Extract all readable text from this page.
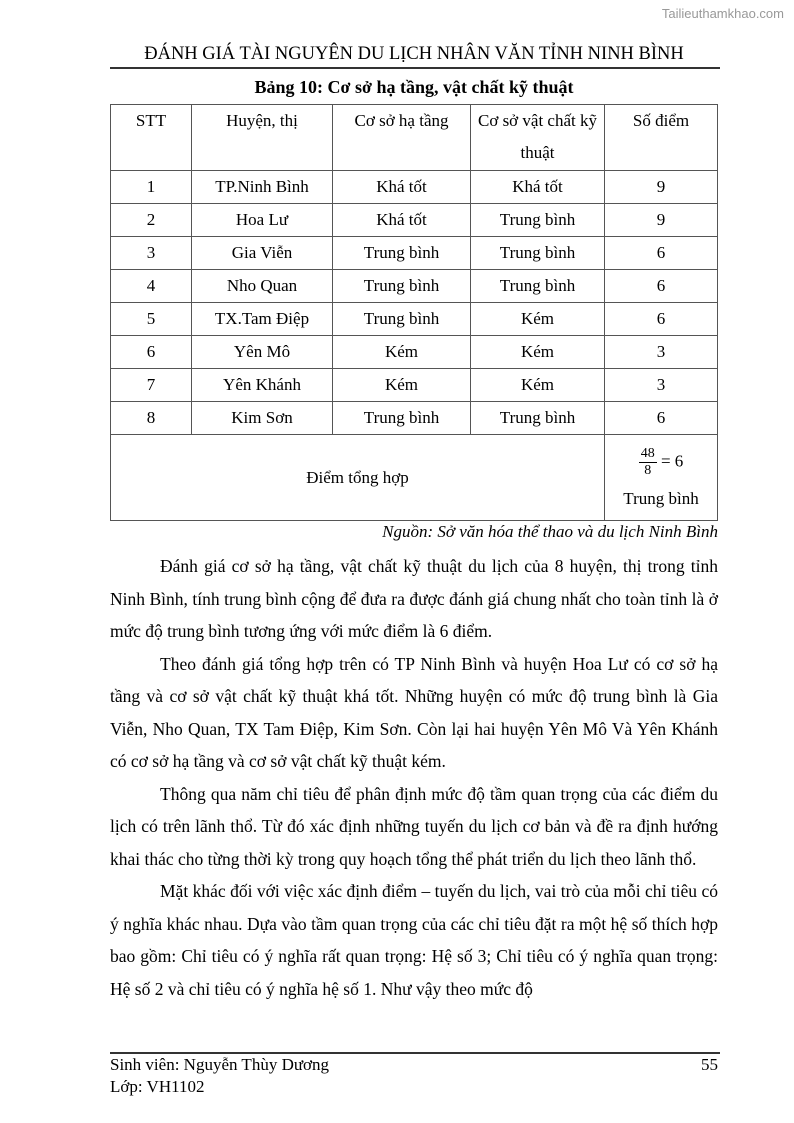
Tailieuthamkhao.com
ĐÁNH GIÁ TÀI NGUYÊN DU LỊCH NHÂN VĂN TỈNH NINH BÌNH
Bảng 10: Cơ sở hạ tầng, vật chất kỹ thuật
STT	Huyện, thị	Cơ sở hạ tầng	Cơ sở vật chất kỹ thuật	Số điểm
1	TP.Ninh Bình	Khá tốt	Khá tốt	9
2	Hoa Lư	Khá tốt	Trung bình	9
3	Gia Viễn	Trung bình	Trung bình	6
4	Nho Quan	Trung bình	Trung bình	6
5	TX.Tam Điệp	Trung bình	Kém	6
6	Yên Mô	Kém	Kém	3
7	Yên Khánh	Kém	Kém	3
8	Kim Sơn	Trung bình	Trung bình	6
Điểm tổng hợp				$\frac{48}{8} = 6$
Trung bình
Nguồn: Sở văn hóa thể thao và du lịch Ninh Bình

Đánh giá cơ sở hạ tầng, vật chất kỹ thuật du lịch của 8 huyện, thị trong tỉnh Ninh Bình, tính trung bình cộng để đưa ra được đánh giá chung nhất cho toàn tỉnh là ở mức độ trung bình tương ứng với mức điểm là 6 điểm.

Theo đánh giá tổng hợp trên có TP Ninh Bình và huyện Hoa Lư có cơ sở hạ tầng và cơ sở vật chất kỹ thuật khá tốt. Những huyện có mức độ trung bình là Gia Viễn, Nho Quan, TX Tam Điệp, Kim Sơn. Còn lại hai huyện Yên Mô Và Yên Khánh có cơ sở hạ tầng và cơ sở vật chất kỹ thuật kém.

Thông qua năm chỉ tiêu để phân định mức độ tầm quan trọng của các điểm du lịch có trên lãnh thổ. Từ đó xác định những tuyến du lịch cơ bản và đề ra định hướng khai thác cho từng thời kỳ trong quy hoạch tổng thể phát triển du lịch theo lãnh thổ.

Mặt khác đối với việc xác định điểm – tuyến du lịch, vai trò của mỗi chỉ tiêu có ý nghĩa khác nhau. Dựa vào tầm quan trọng của các chỉ tiêu đặt ra một hệ số thích hợp bao gồm: Chỉ tiêu có ý nghĩa rất quan trọng: Hệ số 3; Chỉ tiêu có ý nghĩa quan trọng: Hệ số 2 và chỉ tiêu có ý nghĩa hệ số 1. Như vậy theo mức độ

Sinh viên: Nguyễn Thùy Dương
Lớp: VH1102
55
